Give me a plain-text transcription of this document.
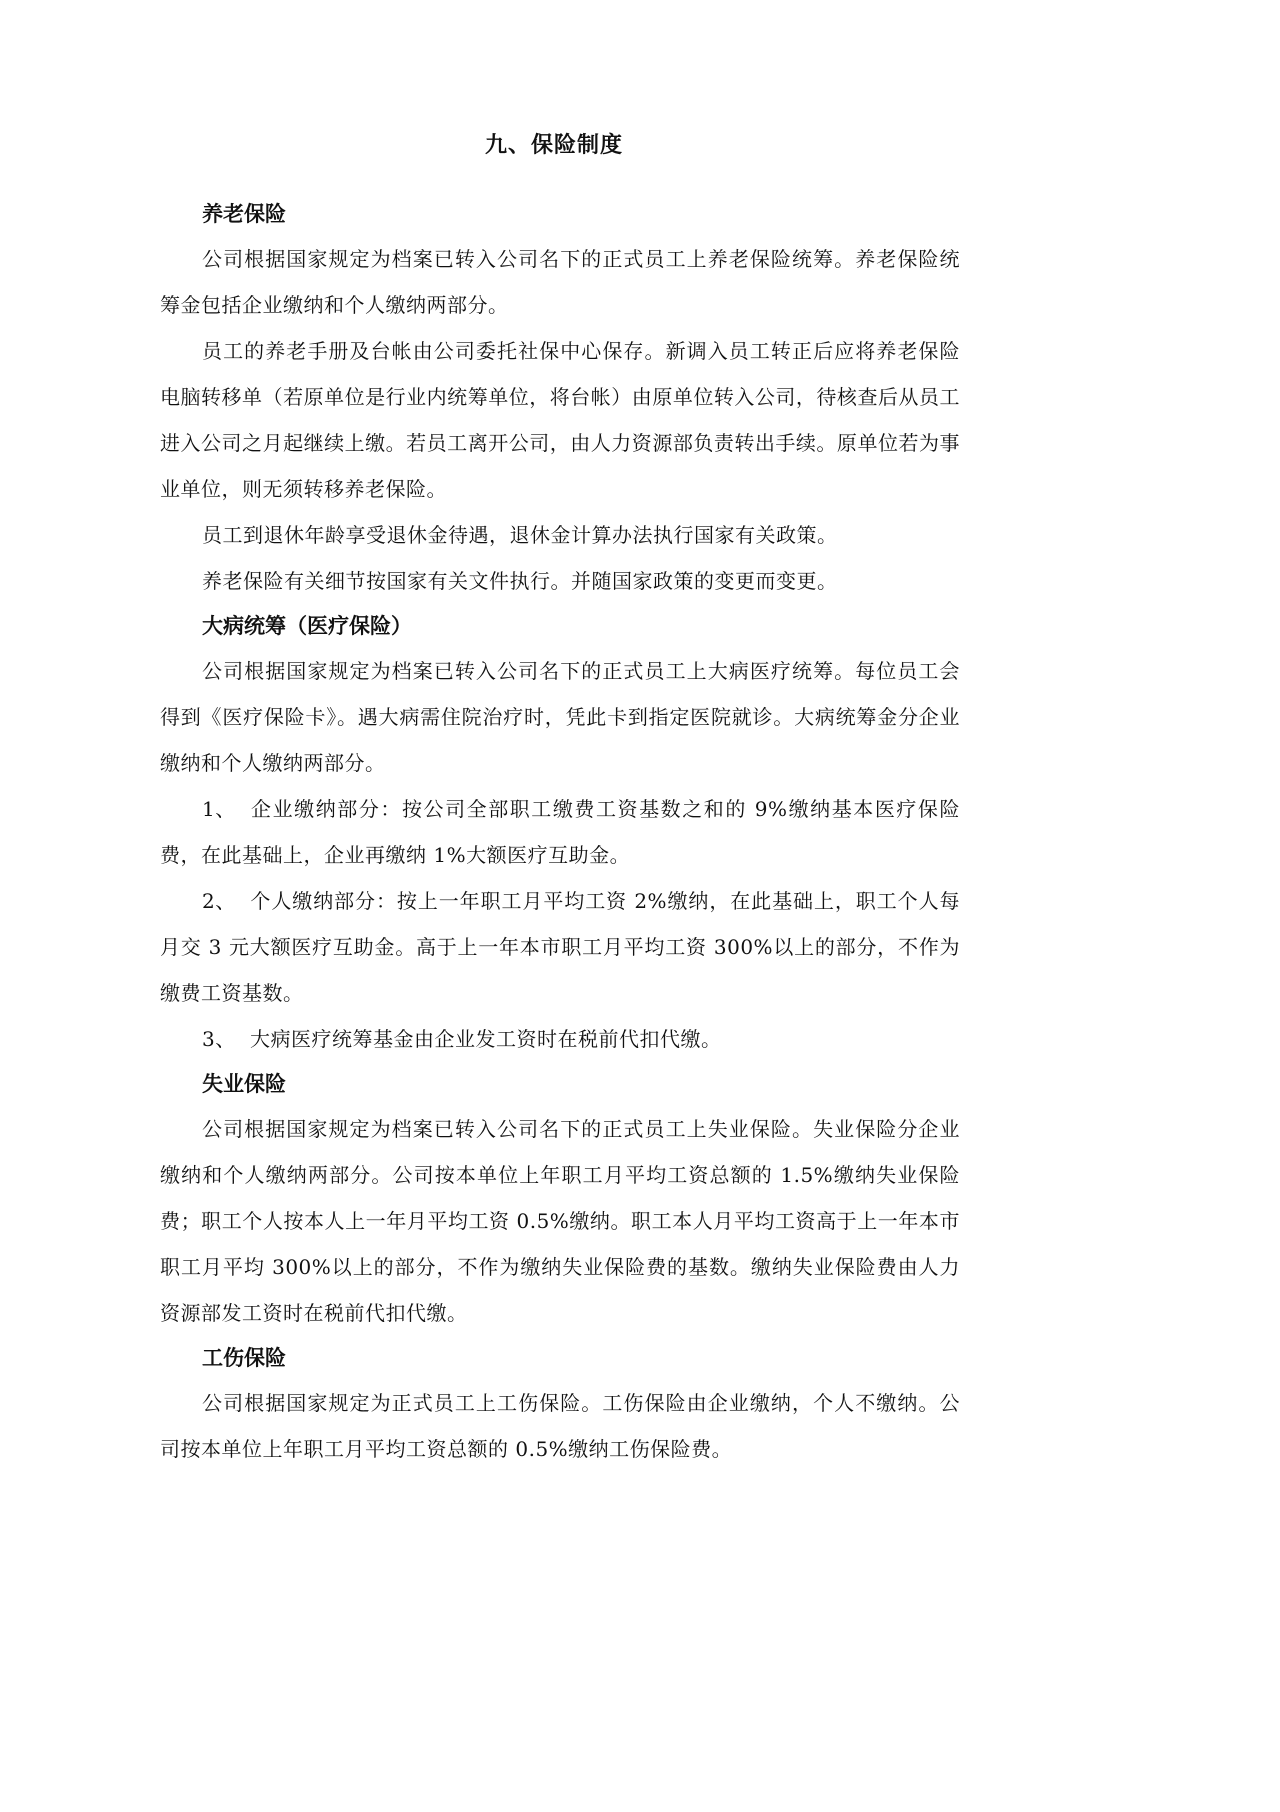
九、保险制度
养老保险

公司根据国家规定为档案已转入公司名下的正式员工上养老保险统筹。养老保险统筹金包括企业缴纳和个人缴纳两部分。

员工的养老手册及台帐由公司委托社保中心保存。新调入员工转正后应将养老保险电脑转移单（若原单位是行业内统筹单位，将台帐）由原单位转入公司，待核查后从员工进入公司之月起继续上缴。若员工离开公司，由人力资源部负责转出手续。原单位若为事业单位，则无须转移养老保险。

员工到退休年龄享受退休金待遇，退休金计算办法执行国家有关政策。

养老保险有关细节按国家有关文件执行。并随国家政策的变更而变更。

大病统筹（医疗保险）

公司根据国家规定为档案已转入公司名下的正式员工上大病医疗统筹。每位员工会得到《医疗保险卡》。遇大病需住院治疗时，凭此卡到指定医院就诊。大病统筹金分企业缴纳和个人缴纳两部分。

1、 企业缴纳部分：按公司全部职工缴费工资基数之和的 9%缴纳基本医疗保险费，在此基础上，企业再缴纳 1%大额医疗互助金。

2、 个人缴纳部分：按上一年职工月平均工资 2%缴纳，在此基础上，职工个人每月交 3 元大额医疗互助金。高于上一年本市职工月平均工资 300%以上的部分，不作为缴费工资基数。

3、 大病医疗统筹基金由企业发工资时在税前代扣代缴。

失业保险

公司根据国家规定为档案已转入公司名下的正式员工上失业保险。失业保险分企业缴纳和个人缴纳两部分。公司按本单位上年职工月平均工资总额的 1.5%缴纳失业保险费；职工个人按本人上一年月平均工资 0.5%缴纳。职工本人月平均工资高于上一年本市职工月平均 300%以上的部分，不作为缴纳失业保险费的基数。缴纳失业保险费由人力资源部发工资时在税前代扣代缴。

工伤保险

公司根据国家规定为正式员工上工伤保险。工伤保险由企业缴纳，个人不缴纳。公司按本单位上年职工月平均工资总额的 0.5%缴纳工伤保险费。
